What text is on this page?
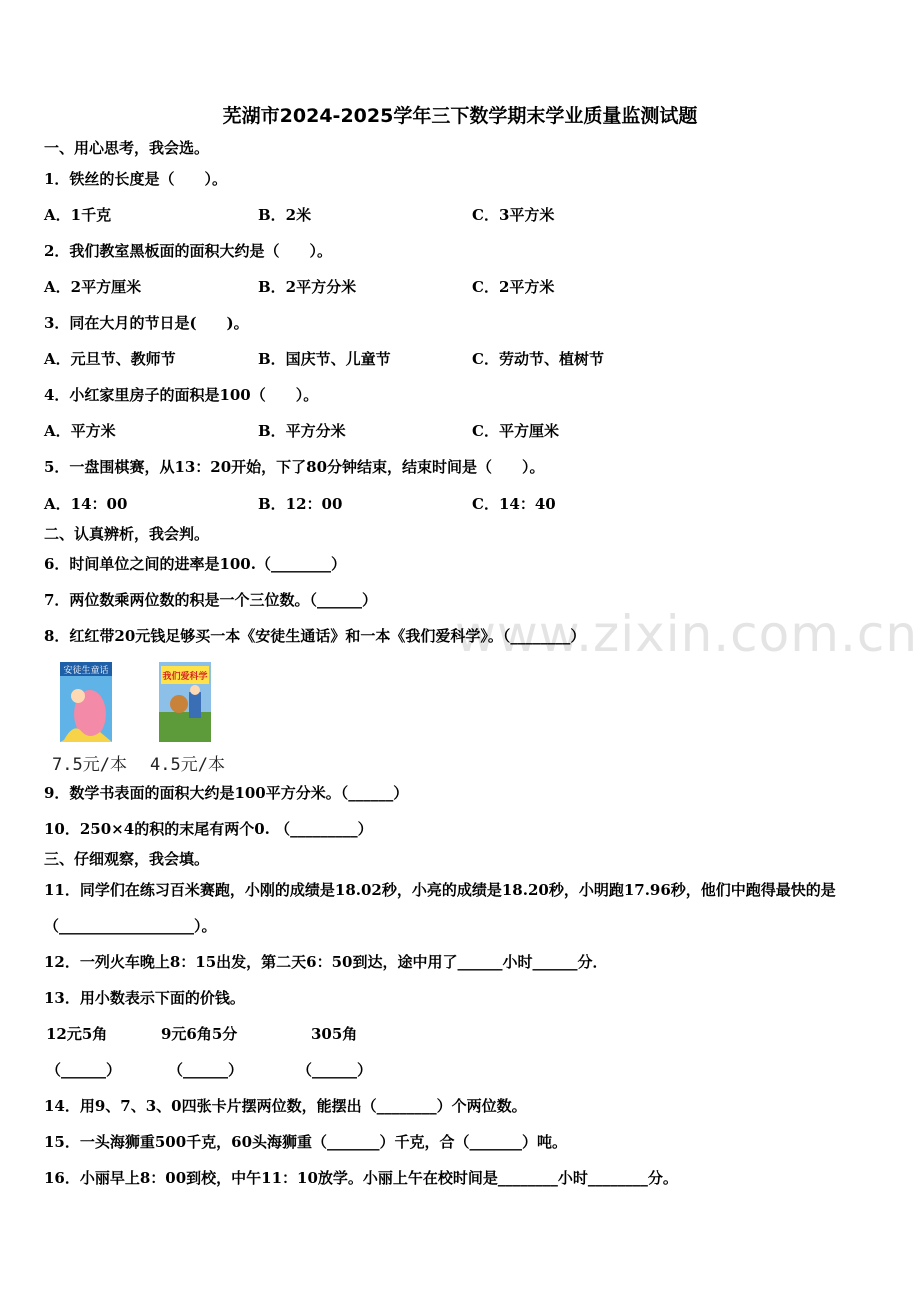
www.zixin.com.cn
芜湖市2024-2025学年三下数学期末学业质量监测试题
一、用心思考，我会选。
1．铁丝的长度是（　　）。
A．1千克	B．2米	C．3平方米
2．我们教室黑板面的面积大约是（　　）。
A．2平方厘米	B．2平方分米	C．2平方米
3．同在大月的节日是(　　)。
A．元旦节、教师节	B．国庆节、儿童节	C．劳动节、植树节
4．小红家里房子的面积是100（　　）。
A．平方米	B．平方分米	C．平方厘米
5．一盘围棋赛，从13：20开始，下了80分钟结束，结束时间是（　　）。
A．14：00	B．12：00	C．14：40
二、认真辨析，我会判。
6．时间单位之间的进率是100.（________）
7．两位数乘两位数的积是一个三位数。（______）
8．红红带20元钱足够买一本《安徒生通话》和一本《我们爱科学》。（________）
安徒生童话
7.5元/本
我们爱科学
4.5元/本
9．数学书表面的面积大约是100平方分米。（______）
10．250×4的积的末尾有两个0. （_________）
三、仔细观察，我会填。
11．同学们在练习百米赛跑，小刚的成绩是18.02秒，小亮的成绩是18.20秒，小明跑17.96秒，他们中跑得最快的是
（__________________）。
12．一列火车晚上8：15出发，第二天6：50到达，途中用了______小时______分．
13．用小数表示下面的价钱。
12元5角	9元6角5分	305角
（______）	（______）	（______）
14．用9、7、3、0四张卡片摆两位数，能摆出（________）个两位数。
15．一头海狮重500千克，60头海狮重（_______）千克，合（_______）吨。
16．小丽早上8：00到校，中午11：10放学。小丽上午在校时间是________小时________分。
